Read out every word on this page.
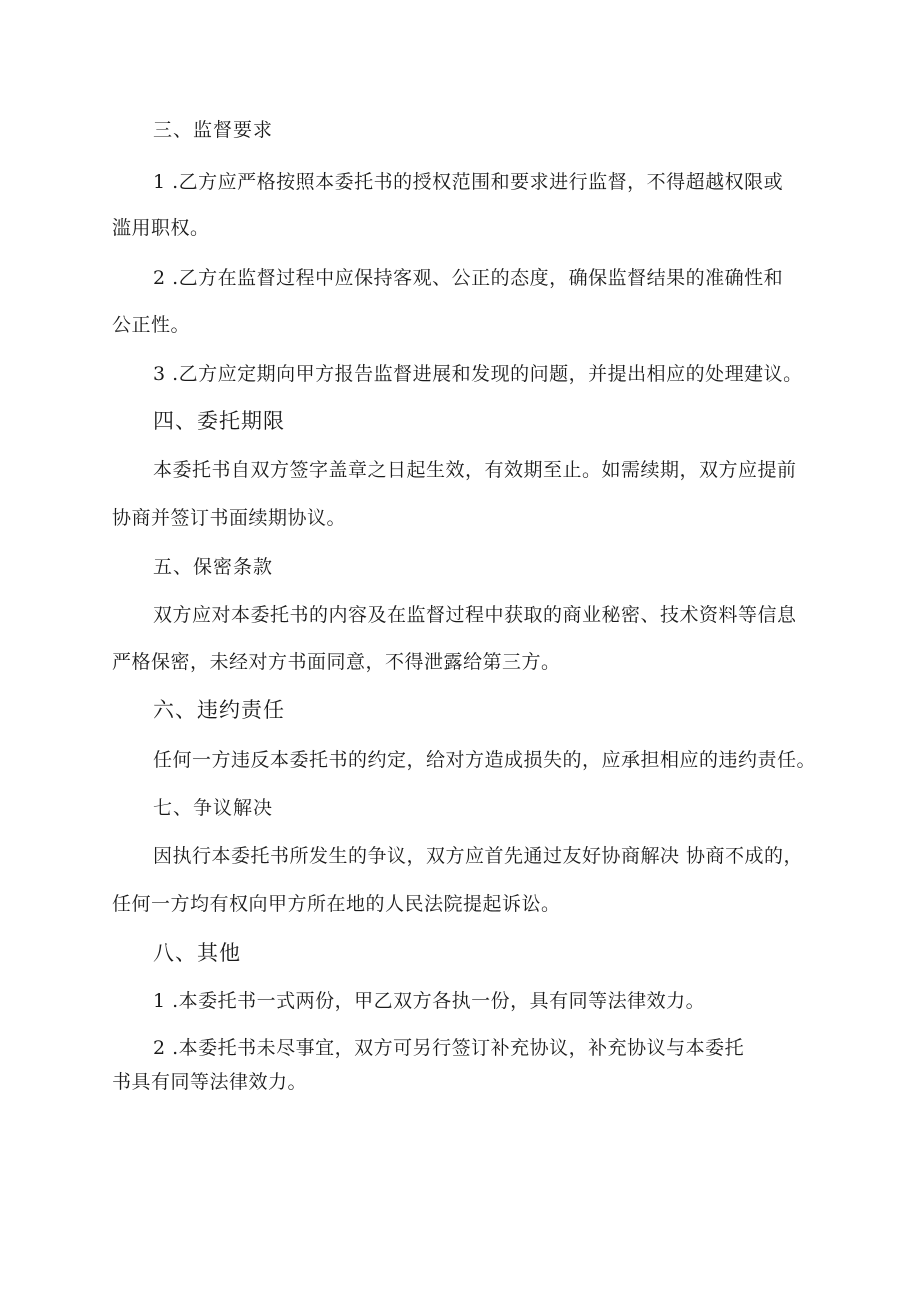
三、监督要求
1 .乙方应严格按照本委托书的授权范围和要求进行监督，不得超越权限或
滥用职权。
2 .乙方在监督过程中应保持客观、公正的态度，确保监督结果的准确性和
公正性。
3 .乙方应定期向甲方报告监督进展和发现的问题，并提出相应的处理建议。
四、委托期限
本委托书自双方签字盖章之日起生效，有效期至止。如需续期，双方应提前
协商并签订书面续期协议。
五、保密条款
双方应对本委托书的内容及在监督过程中获取的商业秘密、技术资料等信息
严格保密，未经对方书面同意，不得泄露给第三方。
六、违约责任
任何一方违反本委托书的约定，给对方造成损失的，应承担相应的违约责任。
七、争议解决
因执行本委托书所发生的争议，双方应首先通过友好协商解决 协商不成的，
任何一方均有权向甲方所在地的人民法院提起诉讼。
八、其他
1 .本委托书一式两份，甲乙双方各执一份，具有同等法律效力。
2 .本委托书未尽事宜，双方可另行签订补充协议，补充协议与本委托
书具有同等法律效力。
